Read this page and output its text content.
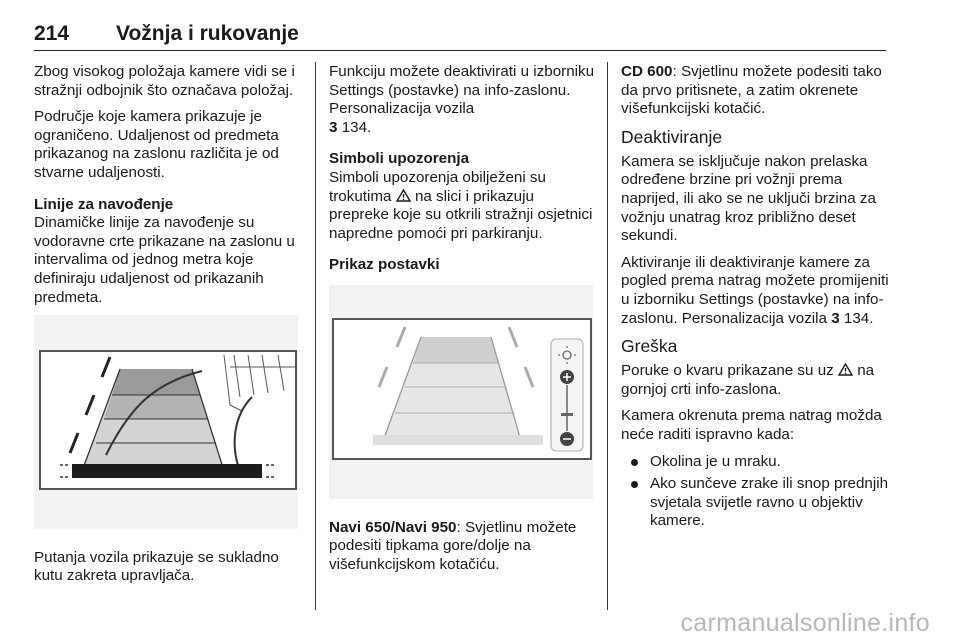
214 Vožnja i rukovanje

Zbog visokog položaja kamere vidi se i stražnji odbojnik što označava položaj.

Područje koje kamera prikazuje je ograničeno. Udaljenost od predmeta prikazanog na zaslonu različita je od stvarne udaljenosti.

Linije za navođenje
Dinamičke linije za navođenje su vodoravne crte prikazane na zaslonu u intervalima od jednog metra koje definiraju udaljenost od prikazanih predmeta.

Putanja vozila prikazuje se sukladno kutu zakreta upravljača.

Funkciju možete deaktivirati u izborniku Settings (postavke) na info-zaslonu. Personalizacija vozila
3 134.

Simboli upozorenja
Simboli upozorenja obilježeni su trokutima na slici i prikazuju prepreke koje su otkrili stražnji osjetnici napredne pomoći pri parkiranju.

Prikaz postavki

Navi 650/Navi 950: Svjetlinu možete podesiti tipkama gore/dolje na višefunkcijskom kotačiću.

CD 600: Svjetlinu možete podesiti tako da prvo pritisnete, a zatim okrenete višefunkcijski kotačić.

Deaktiviranje

Kamera se isključuje nakon prelaska određene brzine pri vožnji prema naprijed, ili ako se ne uključi brzina za vožnju unatrag kroz približno deset sekundi.

Aktiviranje ili deaktiviranje kamere za pogled prema natrag možete promijeniti u izborniku Settings (postavke) na info-zaslonu. Personalizacija vozila 3 134.

Greška

Poruke o kvaru prikazane su uz na gornjoj crti info-zaslona.

Kamera okrenuta prema natrag možda neće raditi ispravno kada:

Okolina je u mraku.
Ako sunčeve zrake ili snop prednjih svjetala svijetle ravno u objektiv kamere.
carmanualsonline.info
